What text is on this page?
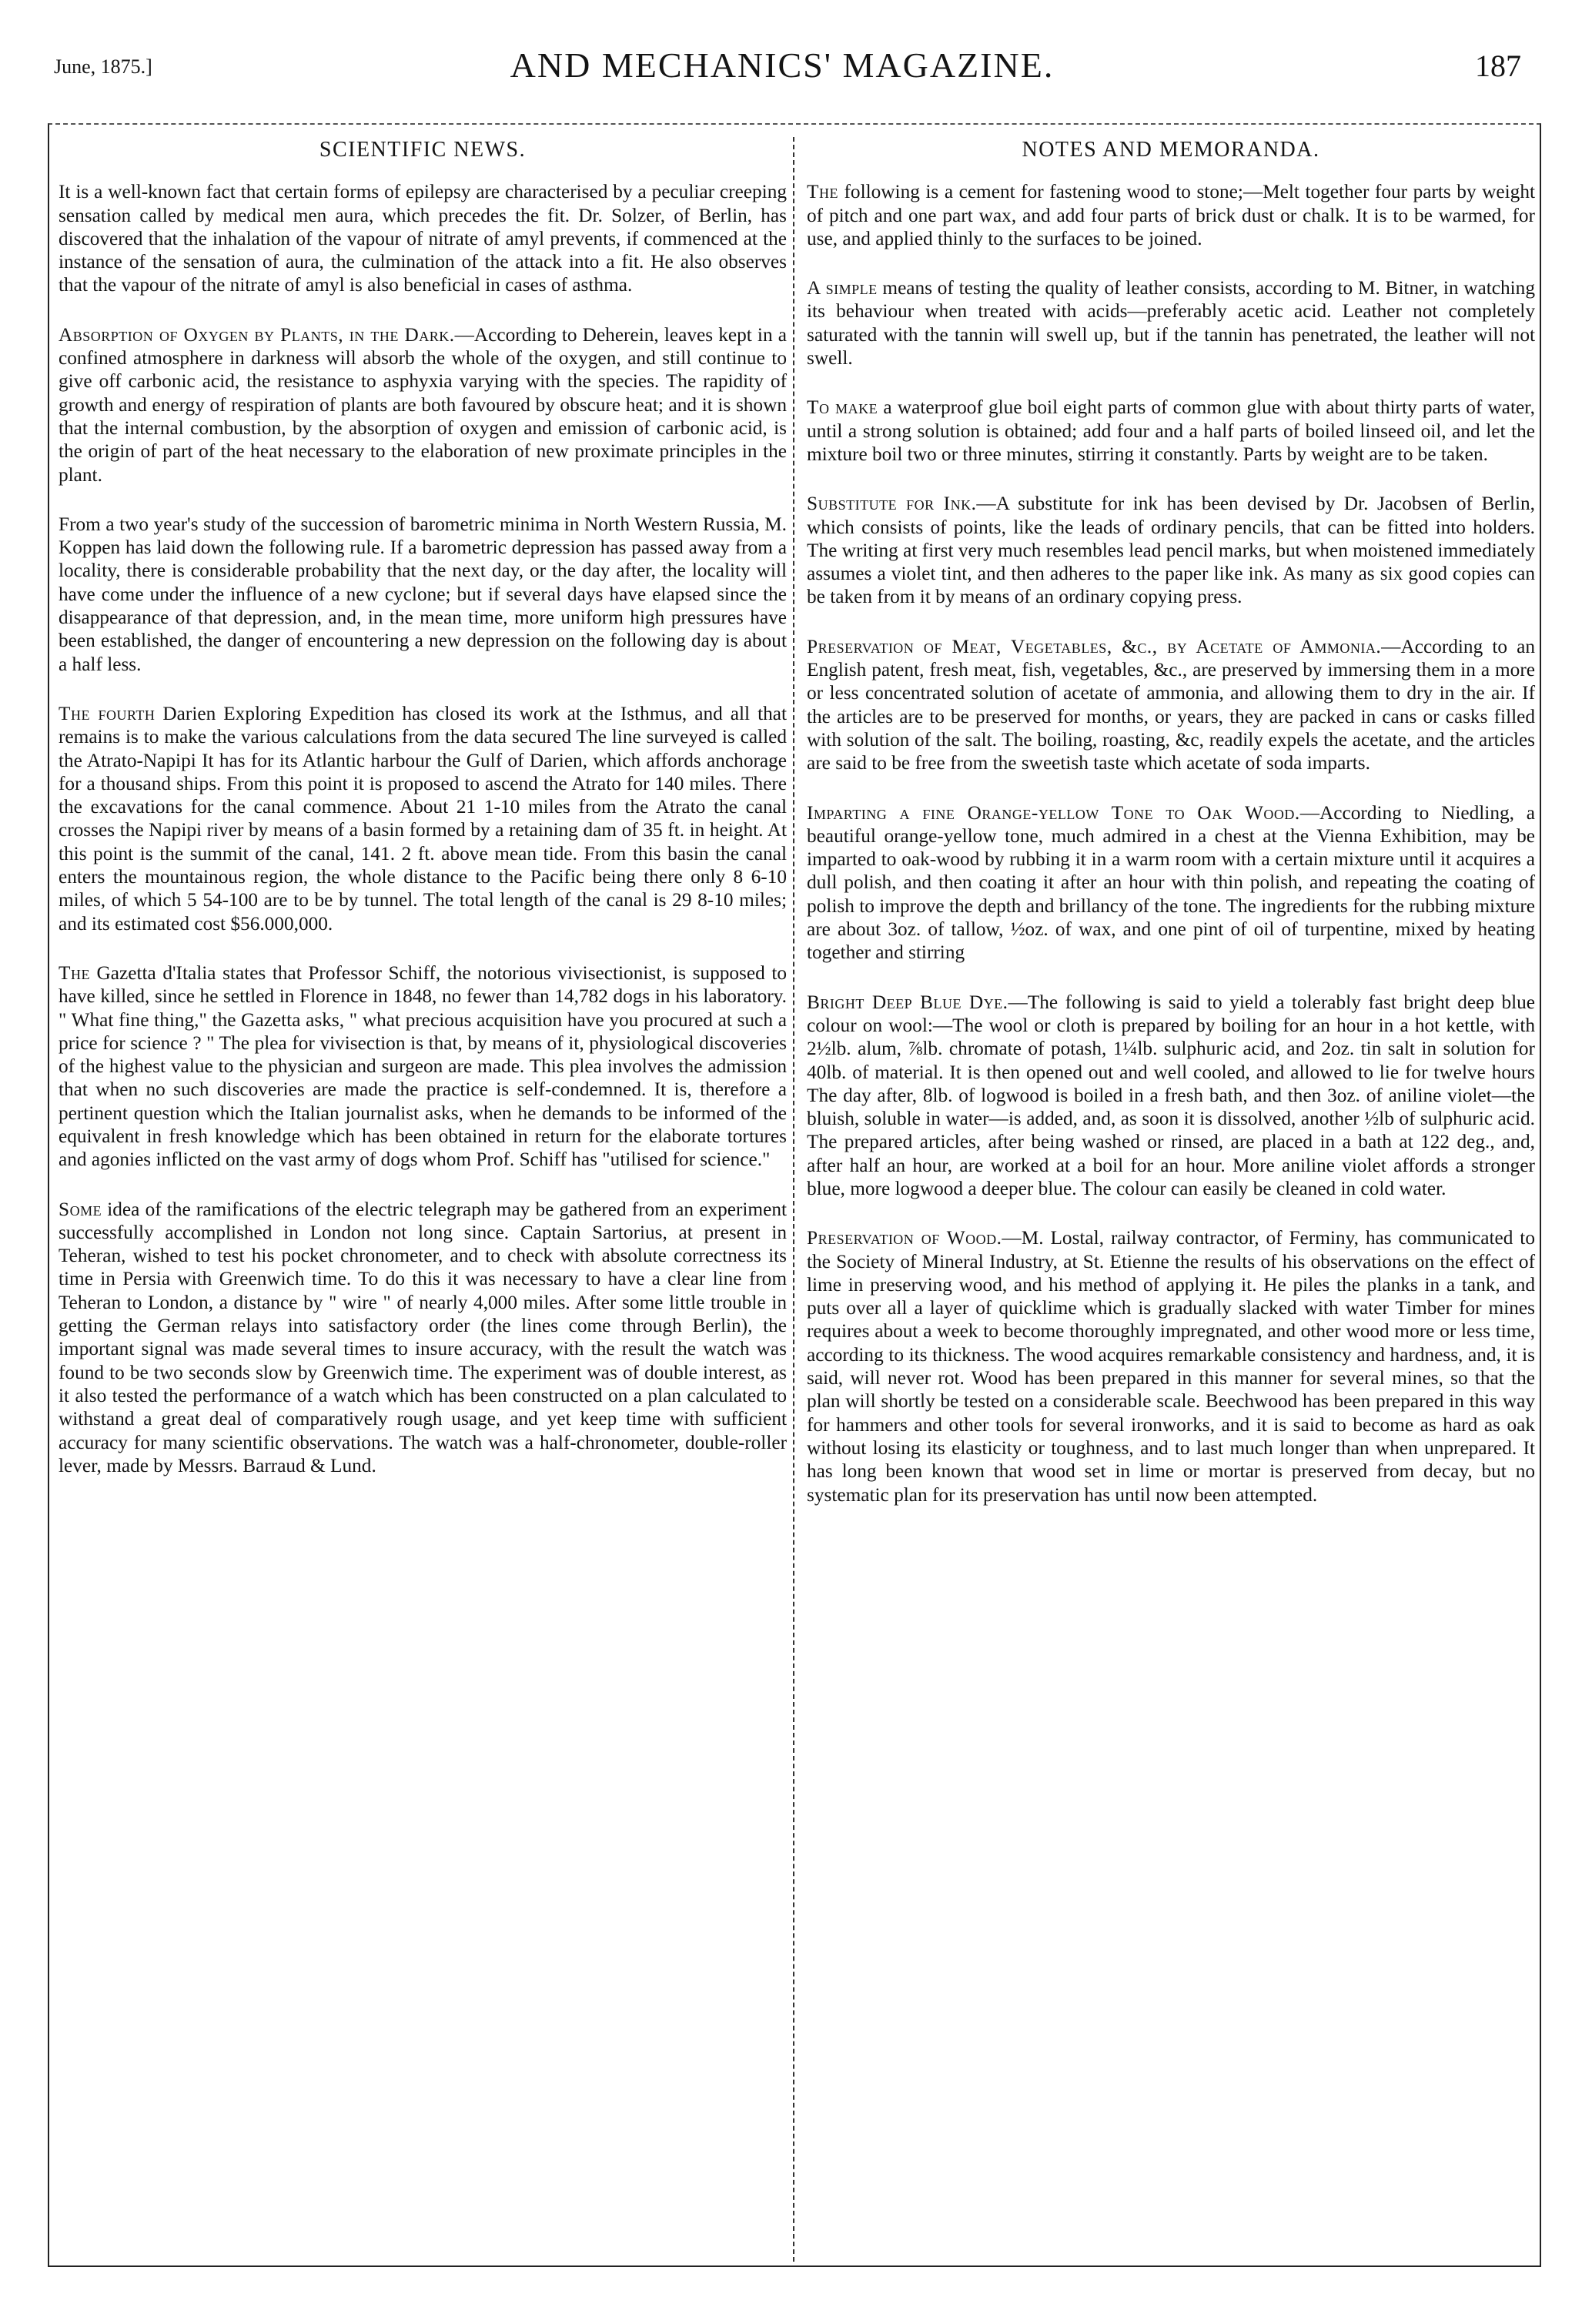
June, 1875.]	AND MECHANICS' MAGAZINE.	187
SCIENTIFIC NEWS.

It is a well-known fact that certain forms of epilepsy are characterised by a peculiar creeping sensation called by medical men aura, which precedes the fit. Dr. Solzer, of Berlin, has discovered that the inhalation of the vapour of nitrate of amyl prevents, if commenced at the instance of the sensation of aura, the culmination of the attack into a fit. He also observes that the vapour of the nitrate of amyl is also beneficial in cases of asthma.

Absorption of Oxygen by Plants, in the Dark.—According to Deherein, leaves kept in a confined atmosphere in darkness will absorb the whole of the oxygen, and still continue to give off carbonic acid, the resistance to asphyxia varying with the species. The rapidity of growth and energy of respiration of plants are both favoured by obscure heat; and it is shown that the internal combustion, by the absorption of oxygen and emission of carbonic acid, is the origin of part of the heat necessary to the elaboration of new proximate principles in the plant.

From a two year's study of the succession of barometric minima in North Western Russia, M. Koppen has laid down the following rule. If a barometric depression has passed away from a locality, there is considerable probability that the next day, or the day after, the locality will have come under the influence of a new cyclone; but if several days have elapsed since the disappearance of that depression, and, in the mean time, more uniform high pressures have been established, the danger of encountering a new depression on the following day is about a half less.

The fourth Darien Exploring Expedition has closed its work at the Isthmus, and all that remains is to make the various calculations from the data secured The line surveyed is called the Atrato-Napipi It has for its Atlantic harbour the Gulf of Darien, which affords anchorage for a thousand ships. From this point it is proposed to ascend the Atrato for 140 miles. There the excavations for the canal commence. About 21 1-10 miles from the Atrato the canal crosses the Napipi river by means of a basin formed by a retaining dam of 35 ft. in height. At this point is the summit of the canal, 141. 2 ft. above mean tide. From this basin the canal enters the mountainous region, the whole distance to the Pacific being there only 8 6-10 miles, of which 5 54-100 are to be by tunnel. The total length of the canal is 29 8-10 miles; and its estimated cost $56.000,000.

The Gazetta d'Italia states that Professor Schiff, the notorious vivisectionist, is supposed to have killed, since he settled in Florence in 1848, no fewer than 14,782 dogs in his laboratory. " What fine thing," the Gazetta asks, " what precious acquisition have you procured at such a price for science ? " The plea for vivisection is that, by means of it, physiological discoveries of the highest value to the physician and surgeon are made. This plea involves the admission that when no such discoveries are made the practice is self-condemned. It is, therefore a pertinent question which the Italian journalist asks, when he demands to be informed of the equivalent in fresh knowledge which has been obtained in return for the elaborate tortures and agonies inflicted on the vast army of dogs whom Prof. Schiff has "utilised for science."

Some idea of the ramifications of the electric telegraph may be gathered from an experiment successfully accomplished in London not long since. Captain Sartorius, at present in Teheran, wished to test his pocket chronometer, and to check with absolute correctness its time in Persia with Greenwich time. To do this it was necessary to have a clear line from Teheran to London, a distance by " wire " of nearly 4,000 miles. After some little trouble in getting the German relays into satisfactory order (the lines come through Berlin), the important signal was made several times to insure accuracy, with the result the watch was found to be two seconds slow by Greenwich time. The experiment was of double interest, as it also tested the performance of a watch which has been constructed on a plan calculated to withstand a great deal of comparatively rough usage, and yet keep time with sufficient accuracy for many scientific observations. The watch was a half-chronometer, double-roller lever, made by Messrs. Barraud & Lund.

NOTES AND MEMORANDA.

The following is a cement for fastening wood to stone;—Melt together four parts by weight of pitch and one part wax, and add four parts of brick dust or chalk. It is to be warmed, for use, and applied thinly to the surfaces to be joined.

A simple means of testing the quality of leather consists, according to M. Bitner, in watching its behaviour when treated with acids—preferably acetic acid. Leather not completely saturated with the tannin will swell up, but if the tannin has penetrated, the leather will not swell.

To make a waterproof glue boil eight parts of common glue with about thirty parts of water, until a strong solution is obtained; add four and a half parts of boiled linseed oil, and let the mixture boil two or three minutes, stirring it constantly. Parts by weight are to be taken.

Substitute for Ink.—A substitute for ink has been devised by Dr. Jacobsen of Berlin, which consists of points, like the leads of ordinary pencils, that can be fitted into holders. The writing at first very much resembles lead pencil marks, but when moistened immediately assumes a violet tint, and then adheres to the paper like ink. As many as six good copies can be taken from it by means of an ordinary copying press.

Preservation of Meat, Vegetables, &c., by Acetate of Ammonia.—According to an English patent, fresh meat, fish, vegetables, &c., are preserved by immersing them in a more or less concentrated solution of acetate of ammonia, and allowing them to dry in the air. If the articles are to be preserved for months, or years, they are packed in cans or casks filled with solution of the salt. The boiling, roasting, &c, readily expels the acetate, and the articles are said to be free from the sweetish taste which acetate of soda imparts.

Imparting a fine Orange-yellow Tone to Oak Wood.—According to Niedling, a beautiful orange-yellow tone, much admired in a chest at the Vienna Exhibition, may be imparted to oak-wood by rubbing it in a warm room with a certain mixture until it acquires a dull polish, and then coating it after an hour with thin polish, and repeating the coating of polish to improve the depth and brillancy of the tone. The ingredients for the rubbing mixture are about 3oz. of tallow, ½oz. of wax, and one pint of oil of turpentine, mixed by heating together and stirring

Bright Deep Blue Dye.—The following is said to yield a tolerably fast bright deep blue colour on wool:—The wool or cloth is prepared by boiling for an hour in a hot kettle, with 2½lb. alum, ⅞lb. chromate of potash, 1¼lb. sulphuric acid, and 2oz. tin salt in solution for 40lb. of material. It is then opened out and well cooled, and allowed to lie for twelve hours The day after, 8lb. of logwood is boiled in a fresh bath, and then 3oz. of aniline violet—the bluish, soluble in water—is added, and, as soon it is dissolved, another ½lb of sulphuric acid. The prepared articles, after being washed or rinsed, are placed in a bath at 122 deg., and, after half an hour, are worked at a boil for an hour. More aniline violet affords a stronger blue, more logwood a deeper blue. The colour can easily be cleaned in cold water.

Preservation of Wood.—M. Lostal, railway contractor, of Ferminy, has communicated to the Society of Mineral Industry, at St. Etienne the results of his observations on the effect of lime in preserving wood, and his method of applying it. He piles the planks in a tank, and puts over all a layer of quicklime which is gradually slacked with water Timber for mines requires about a week to become thoroughly impregnated, and other wood more or less time, according to its thickness. The wood acquires remarkable consistency and hardness, and, it is said, will never rot. Wood has been prepared in this manner for several mines, so that the plan will shortly be tested on a considerable scale. Beechwood has been prepared in this way for hammers and other tools for several ironworks, and it is said to become as hard as oak without losing its elasticity or toughness, and to last much longer than when unprepared. It has long been known that wood set in lime or mortar is preserved from decay, but no systematic plan for its preservation has until now been attempted.
